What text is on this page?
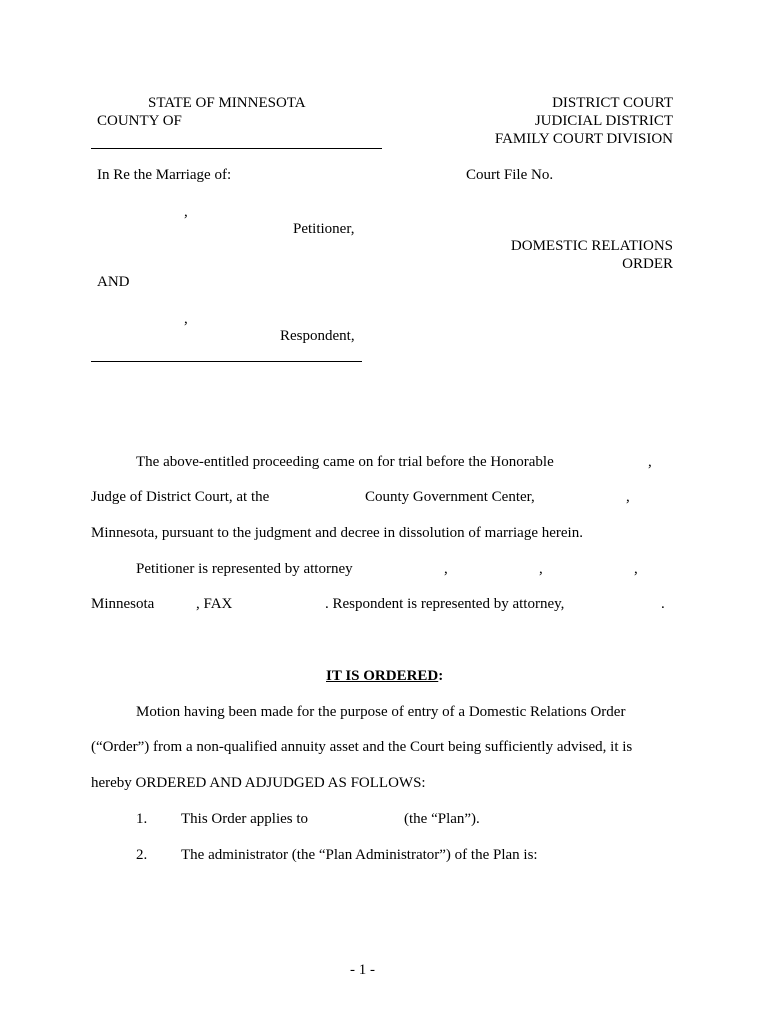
STATE OF MINNESOTA
COUNTY OF
DISTRICT COURT
JUDICIAL DISTRICT
FAMILY COURT DIVISION
In Re the Marriage of:	Court File No.
,
Petitioner,
DOMESTIC RELATIONS
ORDER
AND
,
Respondent,
The above-entitled proceeding came on for trial before the Honorable	,
Judge of District Court, at the	County Government Center,	,
Minnesota, pursuant to the judgment and decree in dissolution of marriage herein.
Petitioner is represented by attorney	,	,	,
Minnesota	, FAX	. Respondent is represented by attorney,	.
IT IS ORDERED:
Motion having been made for the purpose of entry of a Domestic Relations Order
(“Order”) from a non-qualified annuity asset and the Court being sufficiently advised, it is
hereby ORDERED AND ADJUDGED AS FOLLOWS:
1. This Order applies to	(the “Plan”).
2. The administrator (the “Plan Administrator”) of the Plan is:
- 1 -
